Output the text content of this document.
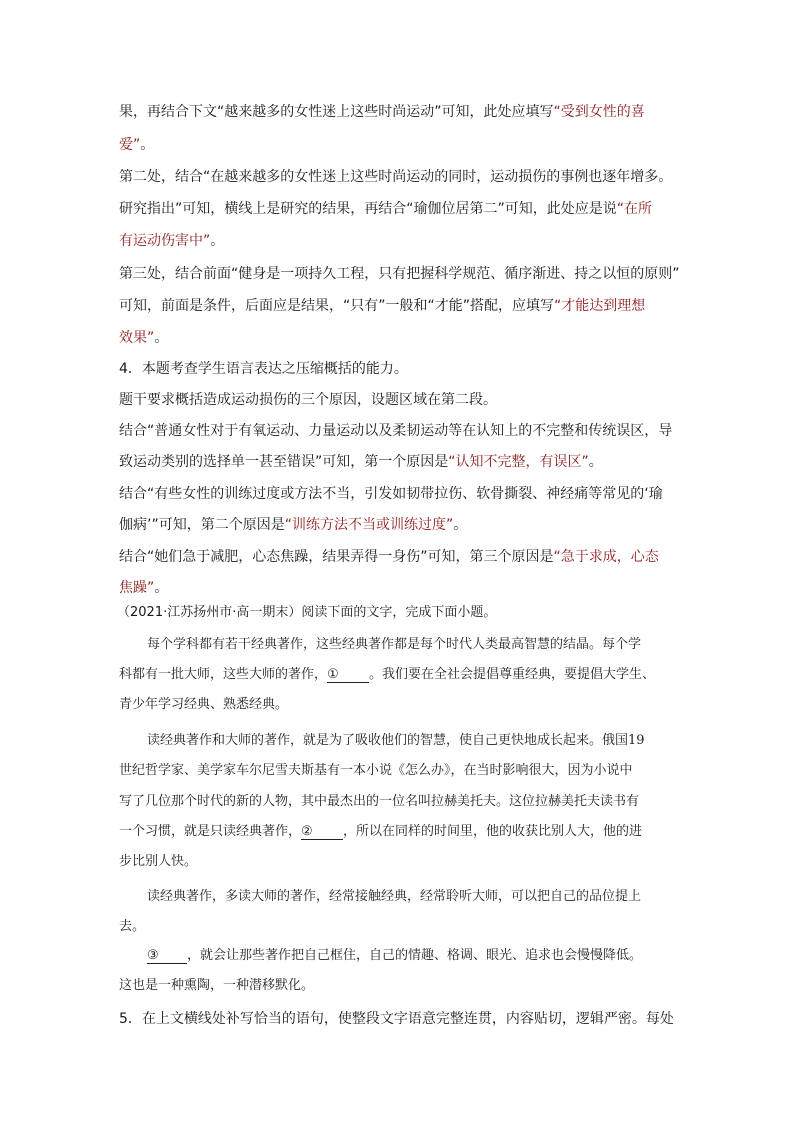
果，再结合下文“越来越多的女性迷上这些时尚运动”可知，此处应填写“受到女性的喜
爱”。
第二处，结合“在越来越多的女性迷上这些时尚运动的同时，运动损伤的事例也逐年增多。
研究指出”可知，横线上是研究的结果，再结合“瑜伽位居第二”可知，此处应是说“在所
有运动伤害中”。
第三处，结合前面“健身是一项持久工程，只有把握科学规范、循序渐进、持之以恒的原则”
可知，前面是条件，后面应是结果，“只有”一般和“才能”搭配，应填写“才能达到理想
效果”。
4．本题考查学生语言表达之压缩概括的能力。
题干要求概括造成运动损伤的三个原因，设题区域在第二段。
结合“普通女性对于有氧运动、力量运动以及柔韧运动等在认知上的不完整和传统误区，导
致运动类别的选择单一甚至错误”可知，第一个原因是“认知不完整，有误区”。
结合“有些女性的训练过度或方法不当，引发如韧带拉伤、软骨撕裂、神经痛等常见的‘瑜
伽病’”可知，第二个原因是“训练方法不当或训练过度”。
结合“她们急于减肥，心态焦躁，结果弄得一身伤”可知，第三个原因是“急于求成，心态
焦躁”。
（2021·江苏扬州市·高一期末）阅读下面的文字，完成下面小题。
每个学科都有若干经典著作，这些经典著作都是每个时代人类最高智慧的结晶。每个学
科都有一批大师，这些大师的著作，① 。我们要在全社会提倡尊重经典，要提倡大学生、
青少年学习经典、熟悉经典。
读经典著作和大师的著作，就是为了吸收他们的智慧，使自己更快地成长起来。俄国19
世纪哲学家、美学家车尔尼雪夫斯基有一本小说《怎么办》，在当时影响很大，因为小说中
写了几位那个时代的新的人物，其中最杰出的一位名叫拉赫美托夫。这位拉赫美托夫读书有
一个习惯，就是只读经典著作，② ，所以在同样的时间里，他的收获比别人大，他的进
步比别人快。
读经典著作，多读大师的著作，经常接触经典，经常聆听大师，可以把自己的品位提上
去。
③ ，就会让那些著作把自己框住，自己的情趣、格调、眼光、追求也会慢慢降低。
这也是一种熏陶，一种潜移默化。
5．在上文横线处补写恰当的语句，使整段文字语意完整连贯，内容贴切，逻辑严密。每处
